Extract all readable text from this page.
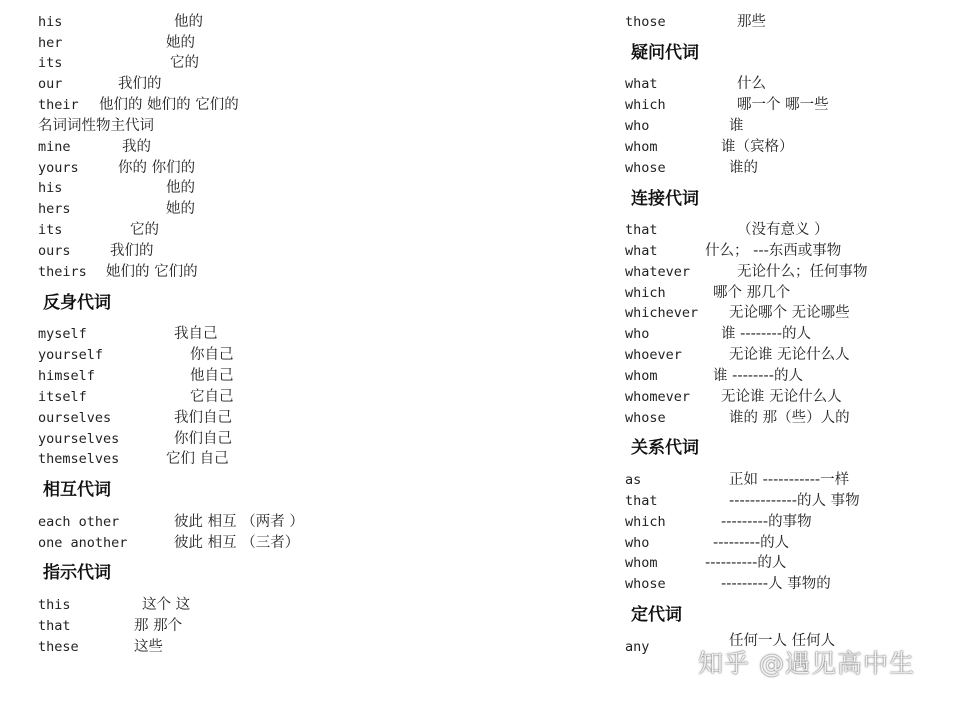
his	他的
her	她的
its	它的
our	我们的
their 他们的 她们的 它们的
名词词性物主代词
mine	我的
yours	你的 你们的
his	他的
hers	她的
its	它的
ours	我们的
theirs 她们的 它们的
反身代词
myself	我自己
yourself	你自己
himself	他自己
itself	它自己
ourselves	我们自己
yourselves	你们自己
themselves	它们 自己
相互代词
each other	彼此 相互 （两者 ）
one another	彼此 相互 （三者）
指示代词
this	这个 这
that	那 那个
these	这些
those	那些
疑问代词
what	什么
which	哪一个 哪一些
who	谁
whom	谁（宾格）
whose	谁的
连接代词
that	（没有意义 ）
what	什么； ---东西或事物
whatever	无论什么；任何事物
which	哪个 那几个
whichever 无论哪个 无论哪些
who	谁 --------的人
whoever	无论谁 无论什么人
whom	谁 --------的人
whomever 无论谁 无论什么人
whose	谁的 那（些）人的
关系代词
as	正如 -----------一样
that	-------------的人 事物
which	---------的事物
who	---------的人
whom	----------的人
whose	---------人 事物的
定代词
any	任何一人 任何人
知乎 @遇见高中生
